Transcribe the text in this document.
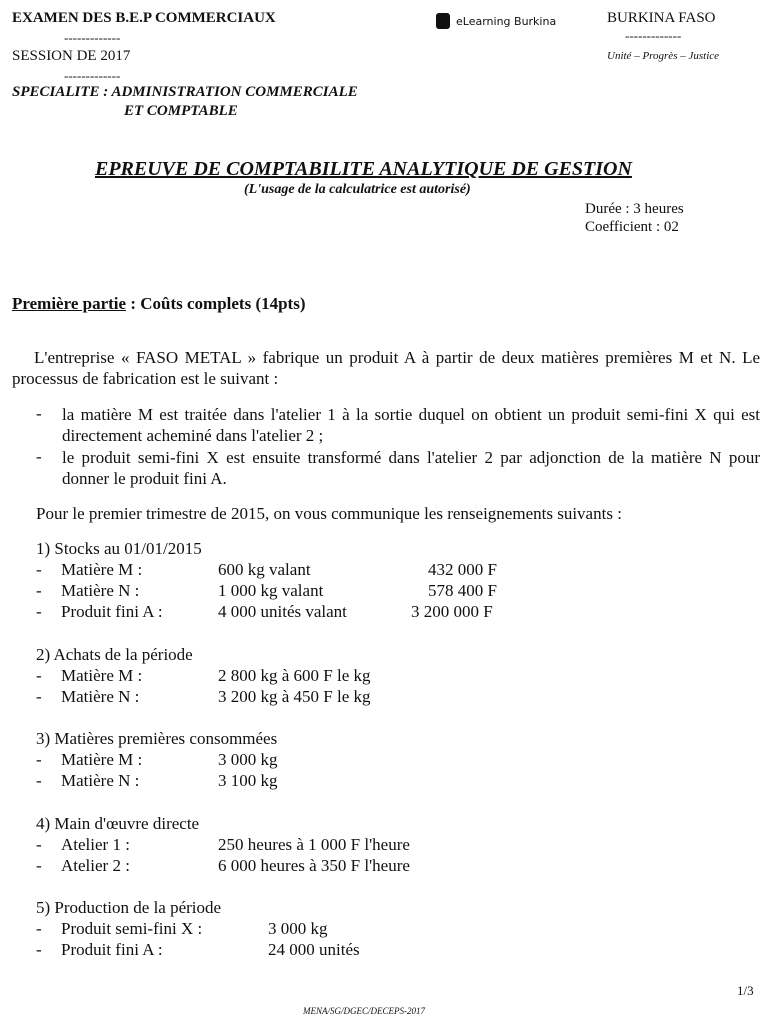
EXAMEN DES B.E.P COMMERCIAUX
-------------
SESSION DE 2017
-------------
SPECIALITE : ADMINISTRATION COMMERCIALE
ET COMPTABLE
eLearning Burkina	BURKINA FASO
-------------
Unité – Progrès – Justice
EPREUVE DE COMPTABILITE ANALYTIQUE DE GESTION
(L'usage de la calculatrice est autorisé)
Durée : 3 heures
Coefficient : 02
Première partie : Coûts complets (14pts)
L'entreprise « FASO METAL » fabrique un produit A à partir de deux matières premières M et N. Le processus de fabrication est le suivant :
- la matière M est traitée dans l'atelier 1 à la sortie duquel on obtient un produit semi-fini X qui est directement acheminé dans l'atelier 2 ;
- le produit semi-fini X est ensuite transformé dans l'atelier 2 par adjonction de la matière N pour donner le produit fini A.
Pour le premier trimestre de 2015, on vous communique les renseignements suivants :
1) Stocks au 01/01/2015
- Matière M :	600 kg valant	432 000 F
- Matière N :	1 000 kg valant	578 400 F
- Produit fini A :	4 000 unités valant	3 200 000 F
2) Achats de la période
- Matière M :	2 800 kg à 600 F le kg
- Matière N :	3 200 kg à 450 F le kg
3) Matières premières consommées
- Matière M :	3 000 kg
- Matière N :	3 100 kg
4) Main d'œuvre directe
- Atelier 1 :	250 heures à 1 000 F l'heure
- Atelier 2 :	6 000 heures à 350 F l'heure
5) Production de la période
- Produit semi-fini X :	3 000 kg
- Produit fini A :	24 000 unités
1/3
MENA/SG/DGEC/DECEPS-2017
